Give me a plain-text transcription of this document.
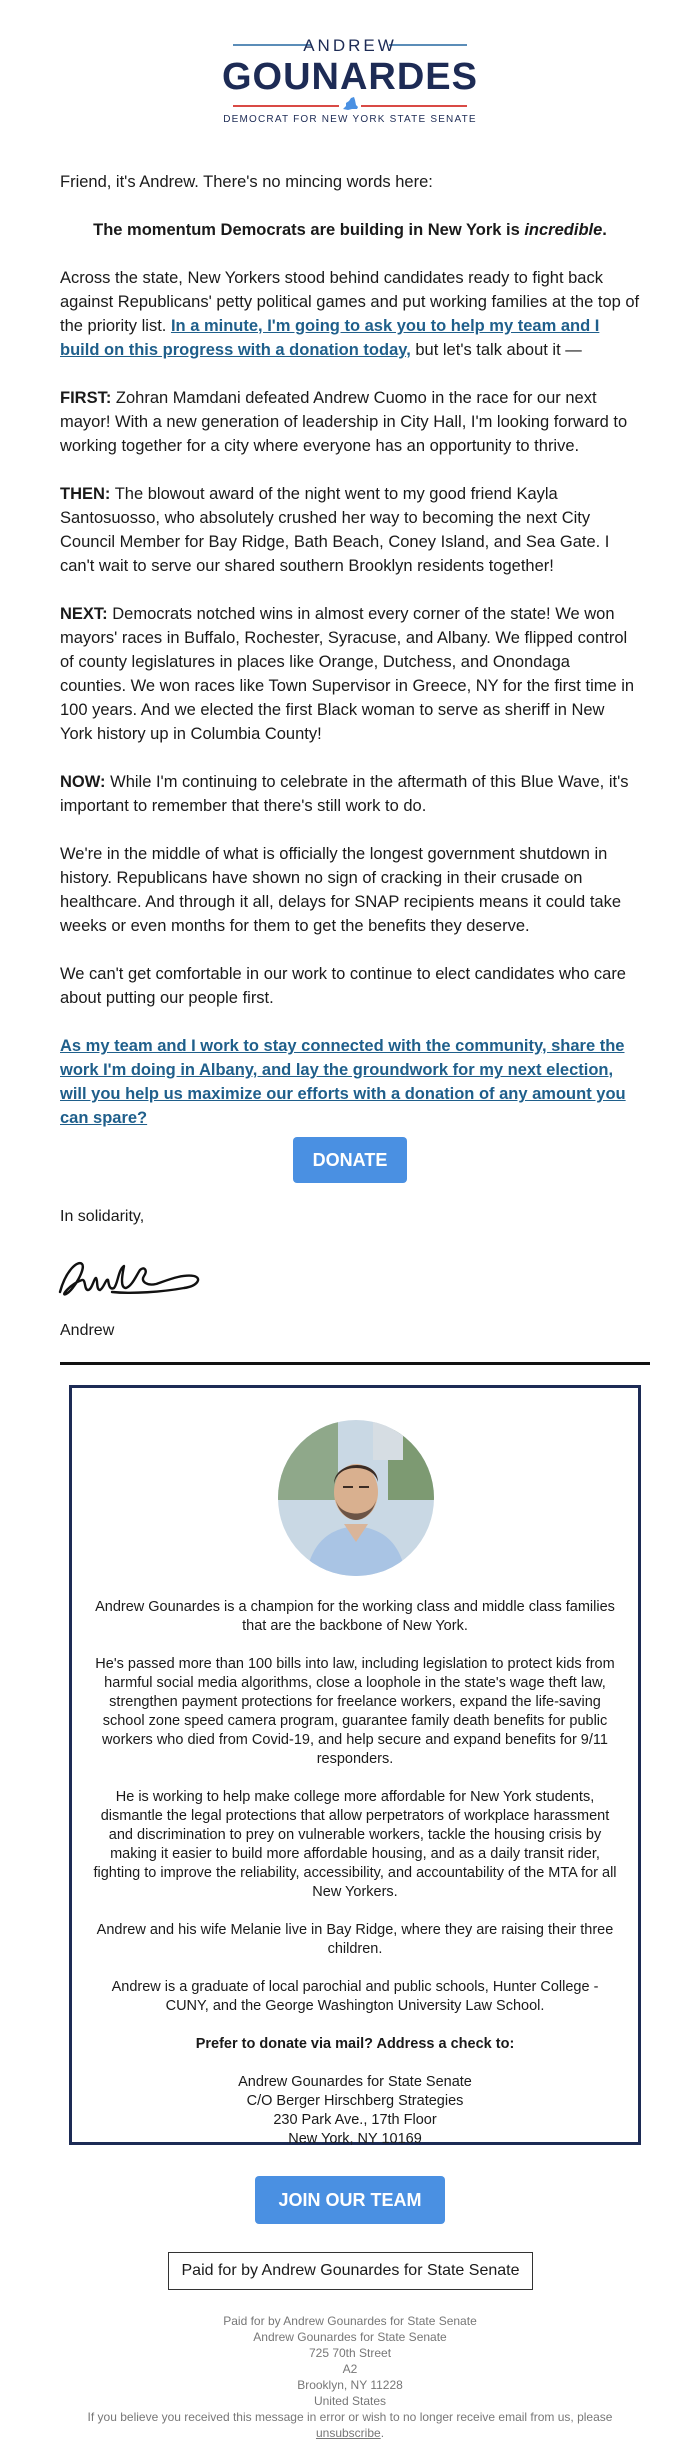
ANDREW
GOUNARDES
DEMOCRAT FOR NEW YORK STATE SENATE

Friend, it's Andrew. There's no mincing words here:

The momentum Democrats are building in New York is incredible.

Across the state, New Yorkers stood behind candidates ready to fight back against Republicans' petty political games and put working families at the top of the priority list. In a minute, I'm going to ask you to help my team and I build on this progress with a donation today, but let's talk about it —

FIRST: Zohran Mamdani defeated Andrew Cuomo in the race for our next mayor! With a new generation of leadership in City Hall, I'm looking forward to working together for a city where everyone has an opportunity to thrive.

THEN: The blowout award of the night went to my good friend Kayla Santosuosso, who absolutely crushed her way to becoming the next City Council Member for Bay Ridge, Bath Beach, Coney Island, and Sea Gate. I can't wait to serve our shared southern Brooklyn residents together!

NEXT: Democrats notched wins in almost every corner of the state! We won mayors' races in Buffalo, Rochester, Syracuse, and Albany. We flipped control of county legislatures in places like Orange, Dutchess, and Onondaga counties. We won races like Town Supervisor in Greece, NY for the first time in 100 years. And we elected the first Black woman to serve as sheriff in New York history up in Columbia County!

NOW: While I'm continuing to celebrate in the aftermath of this Blue Wave, it's important to remember that there's still work to do.

We're in the middle of what is officially the longest government shutdown in history. Republicans have shown no sign of cracking in their crusade on healthcare. And through it all, delays for SNAP recipients means it could take weeks or even months for them to get the benefits they deserve.

We can't get comfortable in our work to continue to elect candidates who care about putting our people first.

As my team and I work to stay connected with the community, share the work I'm doing in Albany, and lay the groundwork for my next election, will you help us maximize our efforts with a donation of any amount you can spare?

DONATE
In solidarity,
Andrew

Andrew Gounardes is a champion for the working class and middle class families that are the backbone of New York.

He's passed more than 100 bills into law, including legislation to protect kids from harmful social media algorithms, close a loophole in the state's wage theft law, strengthen payment protections for freelance workers, expand the life-saving school zone speed camera program, guarantee family death benefits for public workers who died from Covid-19, and help secure and expand benefits for 9/11 responders.

He is working to help make college more affordable for New York students, dismantle the legal protections that allow perpetrators of workplace harassment and discrimination to prey on vulnerable workers, tackle the housing crisis by making it easier to build more affordable housing, and as a daily transit rider, fighting to improve the reliability, accessibility, and accountability of the MTA for all New Yorkers.

Andrew and his wife Melanie live in Bay Ridge, where they are raising their three children.

Andrew is a graduate of local parochial and public schools, Hunter College - CUNY, and the George Washington University Law School.

Prefer to donate via mail? Address a check to:
Andrew Gounardes for State Senate
C/O Berger Hirschberg Strategies
230 Park Ave., 17th Floor
New York, NY 10169
JOIN OUR TEAM
Paid for by Andrew Gounardes for State Senate
Paid for by Andrew Gounardes for State Senate
Andrew Gounardes for State Senate
725 70th Street
A2
Brooklyn, NY 11228
United States
If you believe you received this message in error or wish to no longer receive email from us, please unsubscribe.
